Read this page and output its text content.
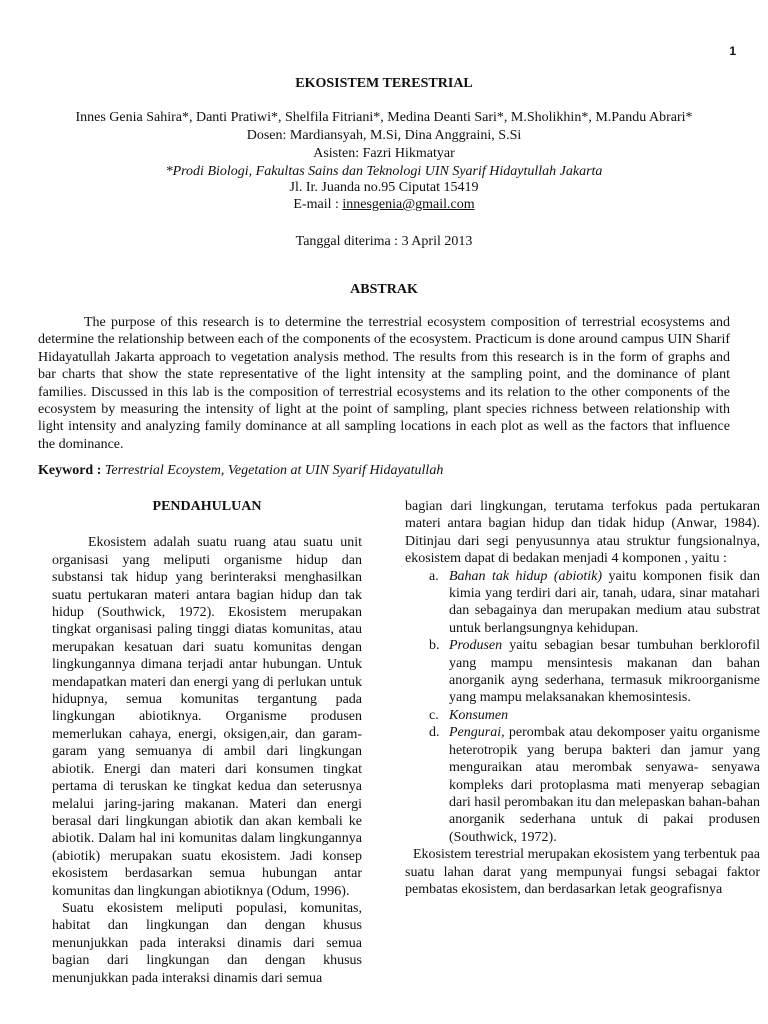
1
EKOSISTEM TERESTRIAL
Innes Genia Sahira*, Danti Pratiwi*, Shelfila Fitriani*, Medina Deanti Sari*, M.Sholikhin*, M.Pandu Abrari*
Dosen: Mardiansyah, M.Si, Dina Anggraini, S.Si
Asisten: Fazri Hikmatyar
*Prodi Biologi, Fakultas Sains dan Teknologi UIN Syarif Hidaytullah Jakarta
Jl. Ir. Juanda no.95 Ciputat 15419
E-mail : innesgenia@gmail.com
Tanggal diterima : 3 April 2013
ABSTRAK

The purpose of this research is to determine the terrestrial ecosystem composition of terrestrial ecosystems and determine the relationship between each of the components of the ecosystem. Practicum is done around campus UIN Sharif Hidayatullah Jakarta approach to vegetation analysis method. The results from this research is in the form of graphs and bar charts that show the state representative of the light intensity at the sampling point, and the dominance of plant families. Discussed in this lab is the composition of terrestrial ecosystems and its relation to the other components of the ecosystem by measuring the intensity of light at the point of sampling, plant species richness between relationship with light intensity and analyzing family dominance at all sampling locations in each plot as well as the factors that influence the dominance.

Keyword : Terrestrial Ecoystem, Vegetation at UIN Syarif Hidayatullah

PENDAHULUAN

Ekosistem adalah suatu ruang atau suatu unit organisasi yang meliputi organisme hidup dan substansi tak hidup yang berinteraksi menghasilkan suatu pertukaran materi antara bagian hidup dan tak hidup (Southwick, 1972). Ekosistem merupakan tingkat organisasi paling tinggi diatas komunitas, atau merupakan kesatuan dari suatu komunitas dengan lingkungannya dimana terjadi antar hubungan. Untuk mendapatkan materi dan energi yang di perlukan untuk hidupnya, semua komunitas tergantung pada lingkungan abiotiknya. Organisme produsen memerlukan cahaya, energi, oksigen,air, dan garam- garam yang semuanya di ambil dari lingkungan abiotik. Energi dan materi dari konsumen tingkat pertama di teruskan ke tingkat kedua dan seterusnya melalui jaring-jaring makanan. Materi dan energi berasal dari lingkungan abiotik dan akan kembali ke abiotik. Dalam hal ini komunitas dalam lingkungannya (abiotik) merupakan suatu ekosistem. Jadi konsep ekosistem berdasarkan semua hubungan antar komunitas dan lingkungan abiotiknya (Odum, 1996).

Suatu ekosistem meliputi populasi, komunitas, habitat dan lingkungan dan dengan khusus menunjukkan pada interaksi dinamis dari semua bagian dari lingkungan dan dengan khusus menunjukkan pada interaksi dinamis dari semua

bagian dari lingkungan, terutama terfokus pada pertukaran materi antara bagian hidup dan tidak hidup (Anwar, 1984). Ditinjau dari segi penyusunnya atau struktur fungsionalnya, ekosistem dapat di bedakan menjadi 4 komponen , yaitu :

a. Bahan tak hidup (abiotik) yaitu komponen fisik dan kimia yang terdiri dari air, tanah, udara, sinar matahari dan sebagainya dan merupakan medium atau substrat untuk berlangsungnya kehidupan.
b. Produsen yaitu sebagian besar tumbuhan berklorofil yang mampu mensintesis makanan dan bahan anorganik ayng sederhana, termasuk mikroorganisme yang mampu melaksanakan khemosintesis.
c. Konsumen
d. Pengurai, perombak atau dekomposer yaitu organisme heterotropik yang berupa bakteri dan jamur yang menguraikan atau merombak senyawa- senyawa kompleks dari protoplasma mati menyerap sebagian dari hasil perombakan itu dan melepaskan bahan-bahan anorganik sederhana untuk di pakai produsen (Southwick, 1972).

Ekosistem terestrial merupakan ekosistem yang terbentuk paa suatu lahan darat yang mempunyai fungsi sebagai faktor pembatas ekosistem, dan berdasarkan letak geografisnya
